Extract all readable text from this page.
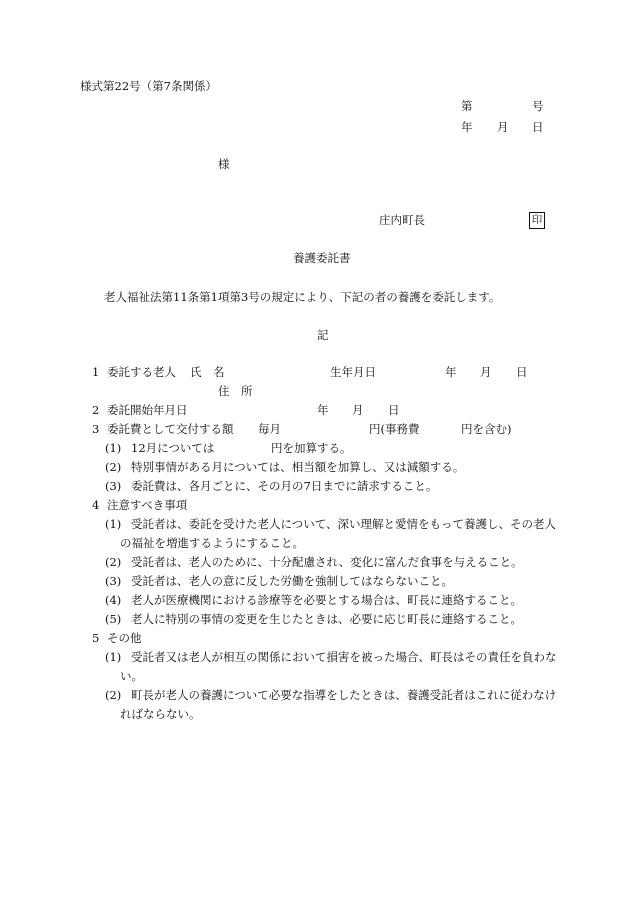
様式第22号（第7条関係）
第	号
年 月 日
様
庄内町長	印
養護委託書
老人福祉法第11条第1項第3号の規定により、下記の者の養護を委託します。
記
1 委託する老人 氏　名	生年月日	年 月 日
住　所
2 委託開始年月日	年 月 日
3 委託費として交付する額 毎月	円(事務費	円を含む)
(1) 12月については	円を加算する。
(2) 特別事情がある月については、相当額を加算し、又は減額する。
(3) 委託費は、各月ごとに、その月の7日までに請求すること。
4 注意すべき事項
(1) 受託者は、委託を受けた老人について、深い理解と愛情をもって養護し、その老人
の福祉を増進するようにすること。
(2) 受託者は、老人のために、十分配慮され、変化に富んだ食事を与えること。
(3) 受託者は、老人の意に反した労働を強制してはならないこと。
(4) 老人が医療機関における診療等を必要とする場合は、町長に連絡すること。
(5) 老人に特別の事情の変更を生じたときは、必要に応じ町長に連絡すること。
5 その他
(1) 受託者又は老人が相互の関係において損害を被った場合、町長はその責任を負わな
い。
(2) 町長が老人の養護について必要な指導をしたときは、養護受託者はこれに従わなけ
ればならない。
